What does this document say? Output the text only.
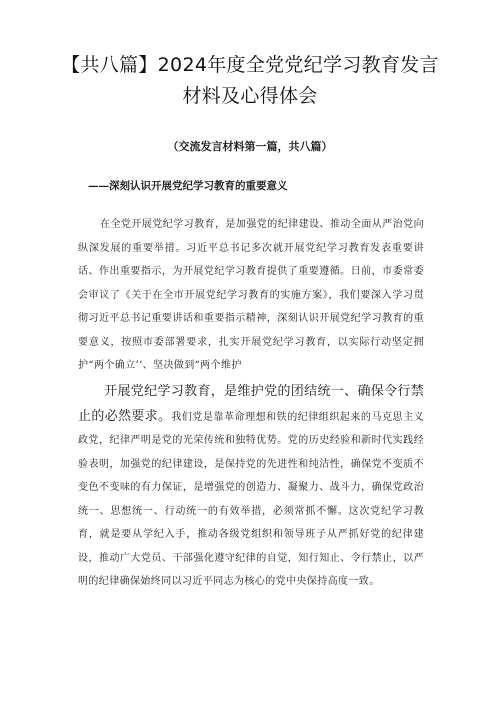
【共八篇】2024年度全党党纪学习教育发言材料及心得体会
（交流发言材料第一篇，共八篇）
——深刻认识开展党纪学习教育的重要意义
在全党开展党纪学习教育，是加强党的纪律建设、推动全面从严治党向纵深发展的重要举措。习近平总书记多次就开展党纪学习教育发表重要讲话、作出重要指示，为开展党纪学习教育提供了重要遵循。日前，市委常委会审议了《关于在全市开展党纪学习教育的实施方案》，我们要深入学习贯彻习近平总书记重要讲话和重要指示精神，深刻认识开展党纪学习教育的重要意义，按照市委部署要求，扎实开展党纪学习教育，以实际行动坚定拥护“两个确立’‘、坚决做到“两个维护
开展党纪学习教育，是维护党的团结统一、确保令行禁止的必然要求。我们党是靠革命理想和铁的纪律组织起来的马克思主义政党，纪律严明是党的光荣传统和独特优势。党的历史经验和新时代实践经验表明，加强党的纪律建设，是保持党的先进性和纯洁性，确保党不变质不变色不变味的有力保证，是增强党的创造力、凝聚力、战斗力，确保党政治统一、思想统一、行动统一的有效举措，必须常抓不懈。这次党纪学习教育，就是要从学纪入手，推动各级党组织和领导班子从严抓好党的纪律建设，推动广大党员、干部强化遵守纪律的自觉，知行知止、令行禁止，以严明的纪律确保始终同以习近平同志为核心的党中央保持高度一致。
